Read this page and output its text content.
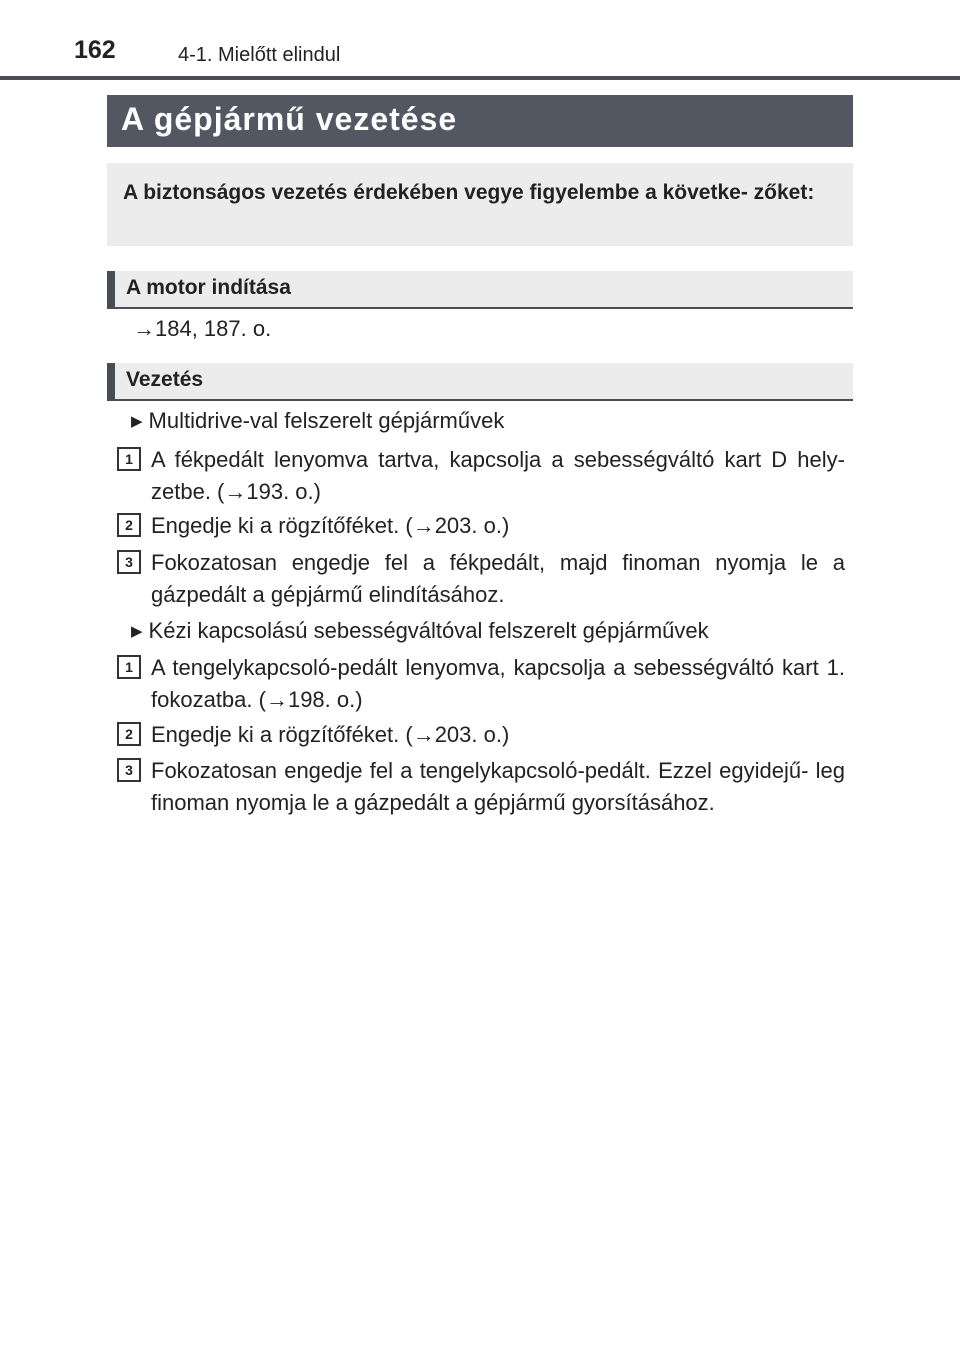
162	4-1. Mielőtt elindul
A gépjármű vezetése
A biztonságos vezetés érdekében vegye figyelembe a követke- zőket:
A motor indítása
→184, 187. o.
Vezetés
▶ Multidrive-val felszerelt gépjárművek
1 A fékpedált lenyomva tartva, kapcsolja a sebességváltó kart D hely- zetbe. (→193. o.)
2 Engedje ki a rögzítőféket. (→203. o.)
3 Fokozatosan engedje fel a fékpedált, majd finoman nyomja le a gázpedált a gépjármű elindításához.
▶ Kézi kapcsolású sebességváltóval felszerelt gépjárművek
1 A tengelykapcsoló-pedált lenyomva, kapcsolja a sebességváltó kart 1. fokozatba. (→198. o.)
2 Engedje ki a rögzítőféket. (→203. o.)
3 Fokozatosan engedje fel a tengelykapcsoló-pedált. Ezzel egyidejű- leg finoman nyomja le a gázpedált a gépjármű gyorsításához.
